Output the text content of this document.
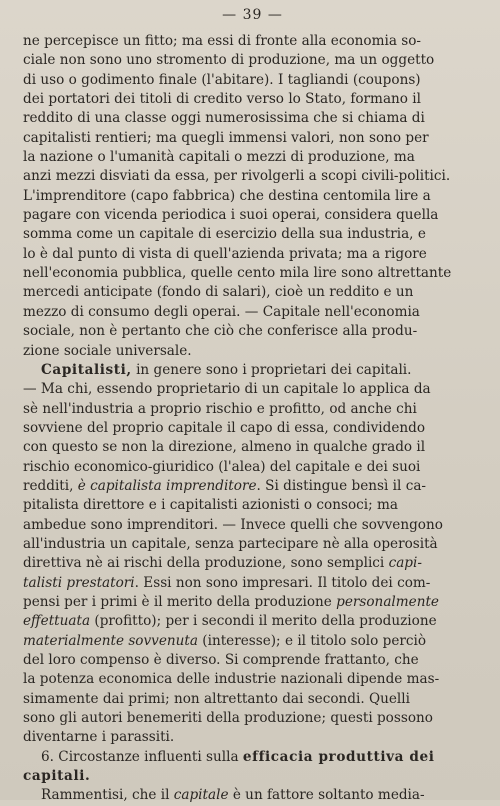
— 39 —
ne percepisce un fitto; ma essi di fronte alla economia so-
ciale non sono uno stromento di produzione, ma un oggetto
di uso o godimento finale (l'abitare). I tagliandi (coupons)
dei portatori dei titoli di credito verso lo Stato, formano il
reddito di una classe oggi numerosissima che si chiama di
capitalisti rentieri; ma quegli immensi valori, non sono per
la nazione o l'umanità capitali o mezzi di produzione, ma
anzi mezzi disviati da essa, per rivolgerli a scopi civili-politici.
L'imprenditore (capo fabbrica) che destina centomila lire a
pagare con vicenda periodica i suoi operai, considera quella
somma come un capitale di esercizio della sua industria, e
lo è dal punto di vista di quell'azienda privata; ma a rigore
nell'economia pubblica, quelle cento mila lire sono altrettante
mercedi anticipate (fondo di salari), cioè un reddito e un
mezzo di consumo degli operai. — Capitale nell'economia
sociale, non è pertanto che ciò che conferisce alla produ-
zione sociale universale.
Capitalisti, in genere sono i proprietari dei capitali.
— Ma chi, essendo proprietario di un capitale lo applica da
sè nell'industria a proprio rischio e profitto, od anche chi
sovviene del proprio capitale il capo di essa, condividendo
con questo se non la direzione, almeno in qualche grado il
rischio economico-giuridico (l'alea) del capitale e dei suoi
redditi, è capitalista imprenditore. Si distingue bensì il ca-
pitalista direttore e i capitalisti azionisti o consoci; ma
ambedue sono imprenditori. — Invece quelli che sovvengono
all'industria un capitale, senza partecipare nè alla operosità
direttiva nè ai rischi della produzione, sono semplici capi-
talisti prestatori. Essi non sono impresari. Il titolo dei com-
pensi per i primi è il merito della produzione personalmente
effettuata (profitto); per i secondi il merito della produzione
materialmente sovvenuta (interesse); e il titolo solo perciò
del loro compenso è diverso. Si comprende frattanto, che
la potenza economica delle industrie nazionali dipende mas-
simamente dai primi; non altrettanto dai secondi. Quelli
sono gli autori benemeriti della produzione; questi possono
diventarne i parassiti.
6. Circostanze influenti sulla efficacia produttiva dei
capitali.
Rammentisi, che il capitale è un fattore soltanto media-
